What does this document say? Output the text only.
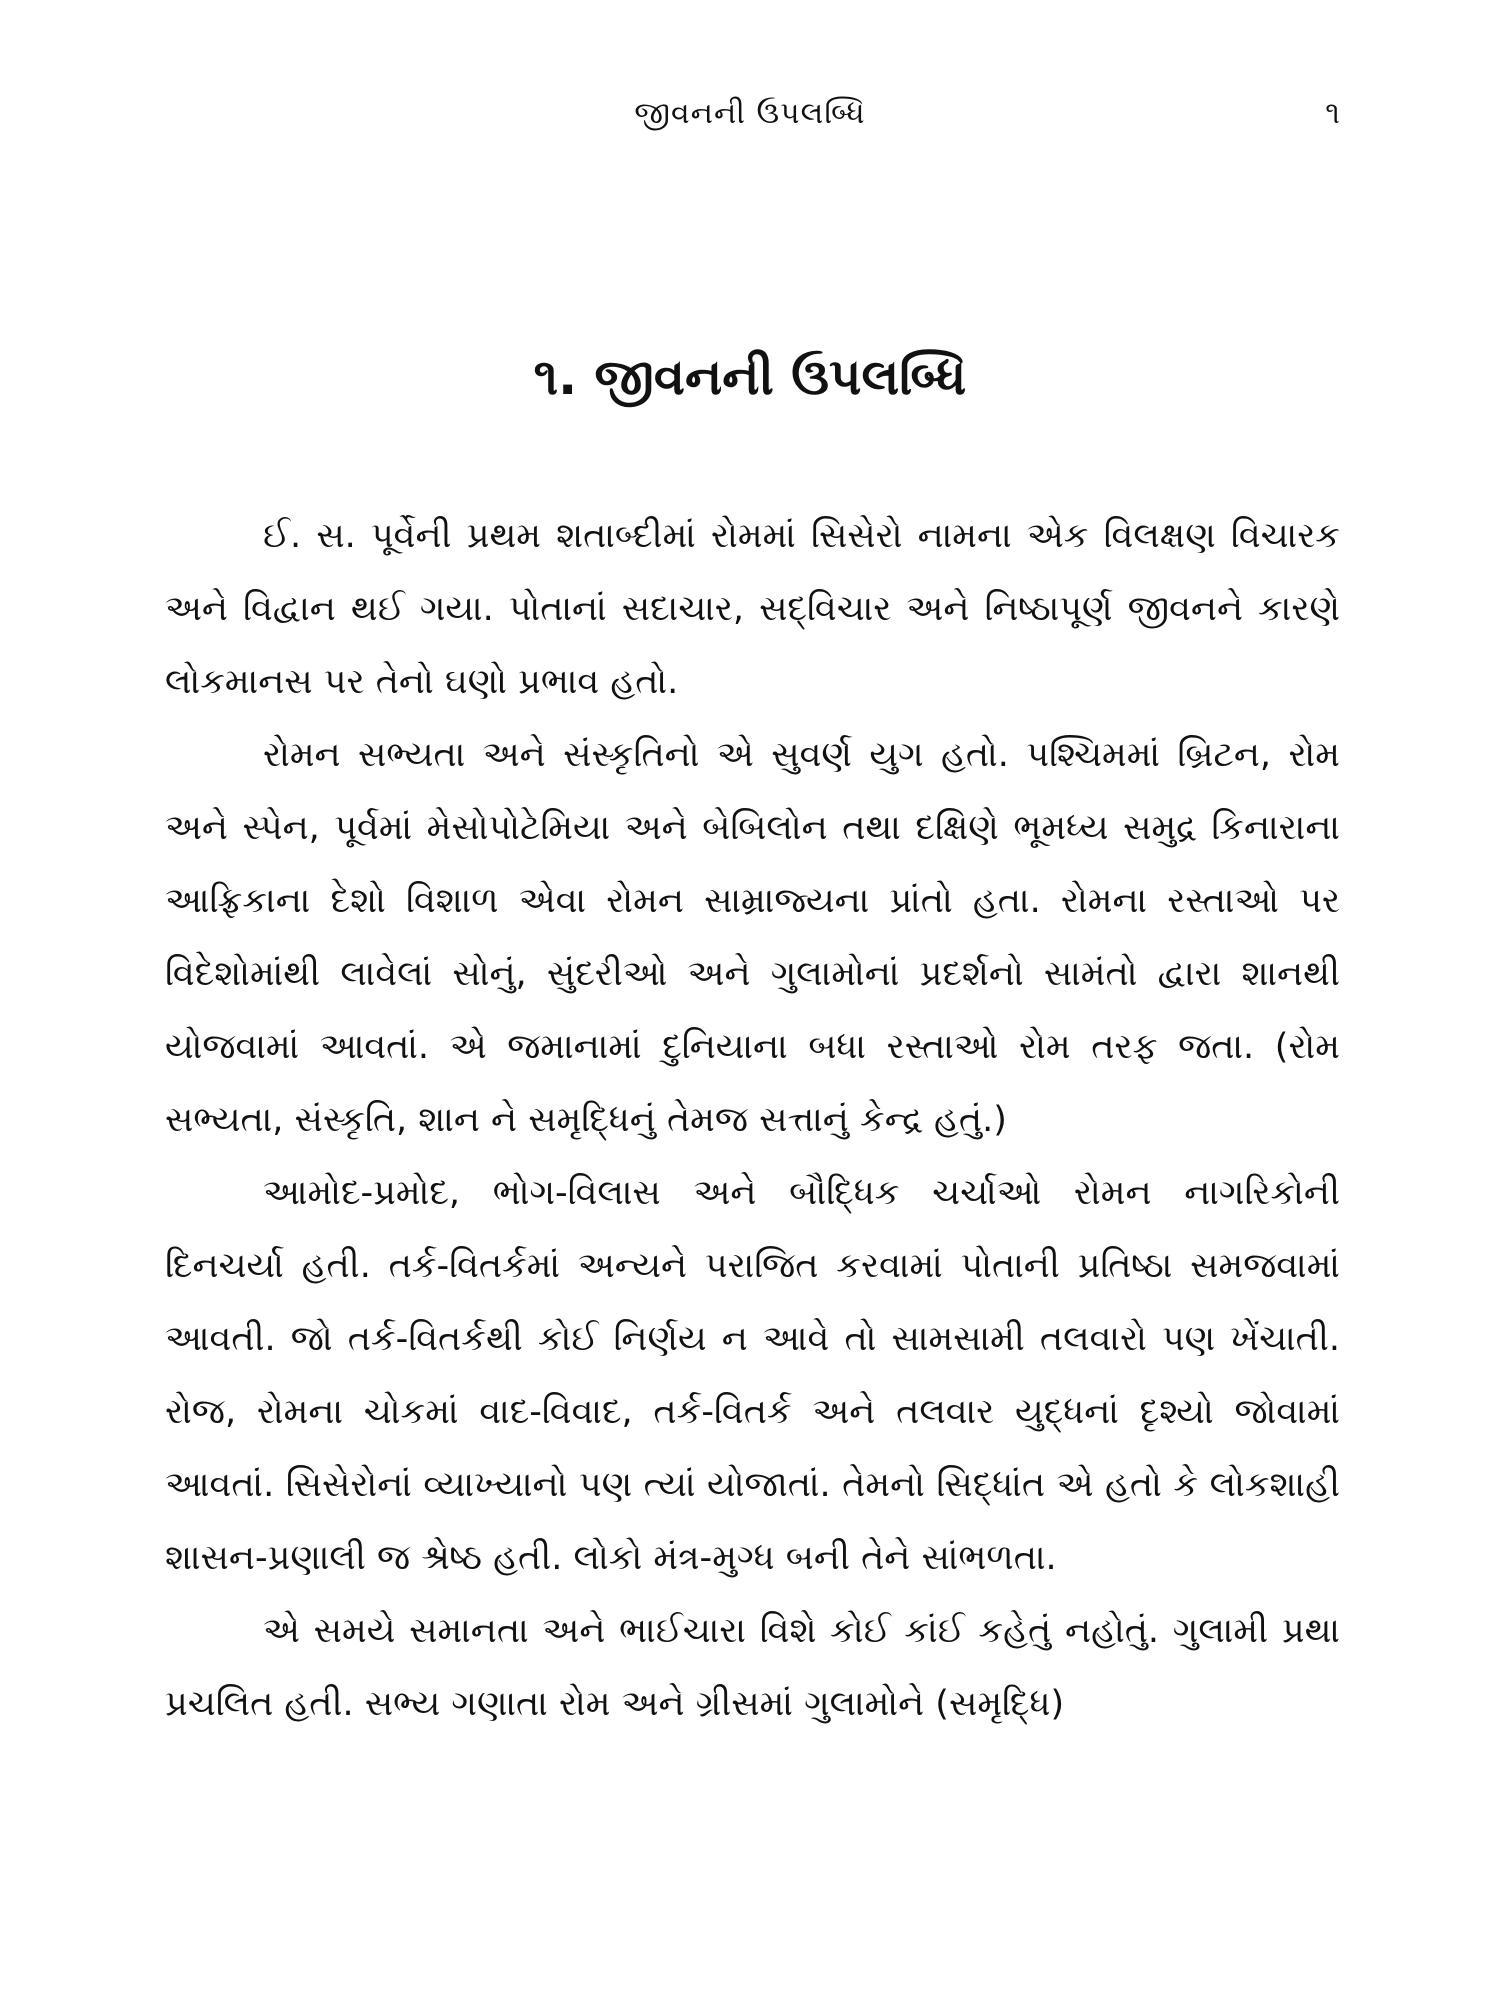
જીવનની ઉપલબ્ધિ	૧
૧. જીવનની ઉપલબ્ધિ

ઈ. સ. પૂર્વેની પ્રથમ શતાબ્દીમાં રોમમાં સિસેરો નામના એક વિલક્ષણ વિચારક અને વિદ્વાન થઈ ગયા. પોતાનાં સદાચાર, સદ્‌વિચાર અને નિષ્ઠાપૂર્ણ જીવનને કારણે લોકમાનસ પર તેનો ઘણો પ્રભાવ હતો.

રોમન સભ્યતા અને સંસ્કૃતિનો એ સુવર્ણ યુગ હતો. પશ્ચિમમાં બ્રિટન, રોમ અને સ્પેન, પૂર્વમાં મેસોપોટેમિયા અને બેબિલોન તથા દક્ષિણે ભૂમધ્ય સમુદ્ર કિનારાના આફ્રિકાના દેશો વિશાળ એવા રોમન સામ્રાજ્યના પ્રાંતો હતા. રોમના રસ્તાઓ પર વિદેશોમાંથી લાવેલાં સોનું, સુંદરીઓ અને ગુલામોનાં પ્રદર્શનો સામંતો દ્વારા શાનથી યોજવામાં આવતાં. એ જમાનામાં દુનિયાના બધા રસ્તાઓ રોમ તરફ જતા. (રોમ સભ્યતા, સંસ્કૃતિ, શાન ને સમૃદ્ધિનું તેમજ સત્તાનું કેન્દ્ર હતું.)

આમોદ-પ્રમોદ, ભોગ-વિલાસ અને બૌદ્ધિક ચર્ચાઓ રોમન નાગરિકોની દિનચર્યા હતી. તર્ક-વિતર્કમાં અન્યને પરાજિત કરવામાં પોતાની પ્રતિષ્ઠા સમજવામાં આવતી. જો તર્ક-વિતર્કથી કોઈ નિર્ણય ન આવે તો સામસામી તલવારો પણ ખેંચાતી. રોજ, રોમના ચોકમાં વાદ-વિવાદ, તર્ક-વિતર્ક અને તલવાર યુદ્ધનાં દૃશ્યો જોવામાં આવતાં. સિસેરોનાં વ્યાખ્યાનો પણ ત્યાં યોજાતાં. તેમનો સિદ્ધાંત એ હતો કે લોકશાહી શાસન-પ્રણાલી જ શ્રેષ્ઠ હતી. લોકો મંત્ર-મુગ્ધ બની તેને સાંભળતા.

એ સમયે સમાનતા અને ભાઈચારા વિશે કોઈ કાંઈ કહેતું નહોતું. ગુલામી પ્રથા પ્રચલિત હતી. સભ્ય ગણાતા રોમ અને ગ્રીસમાં ગુલામોને (સમૃદ્ધિ)
